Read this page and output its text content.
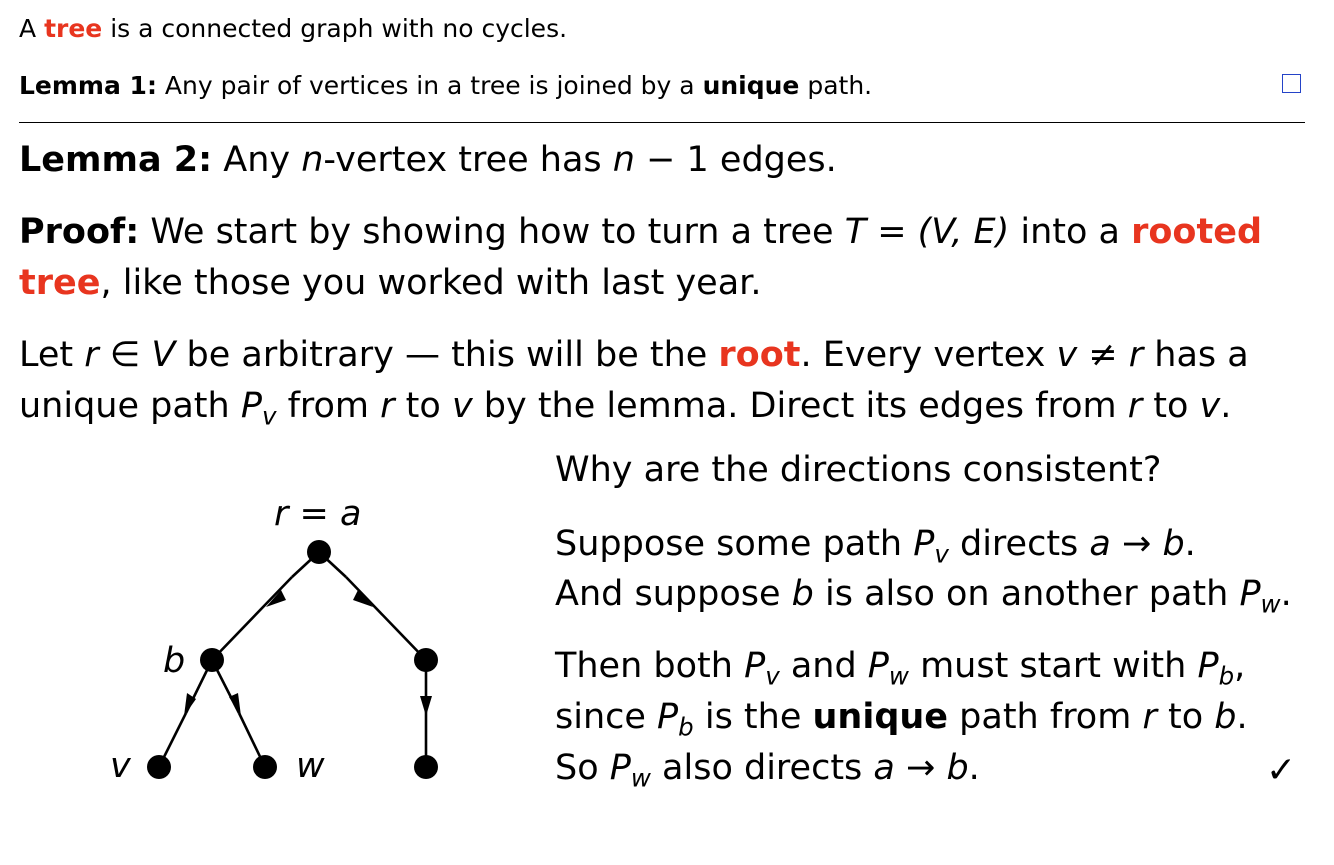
A tree is a connected graph with no cycles.
Lemma 1: Any pair of vertices in a tree is joined by a unique path.
Lemma 2: Any n-vertex tree has n − 1 edges.
Proof: We start by showing how to turn a tree T = (V, E) into a rooted
tree, like those you worked with last year.
Let r ∈ V be arbitrary — this will be the root. Every vertex v ≠ r has a
unique path $P_v$ from r to v by the lemma. Direct its edges from r to v.
Why are the directions consistent?
Suppose some path $P_v$ directs a → b.
And suppose b is also on another path $P_w$.
Then both $P_v$ and $P_w$ must start with $P_b$,
since $P_b$ is the unique path from r to b.
So $P_w$ also directs a → b.	✓
r = a
b
v	w
